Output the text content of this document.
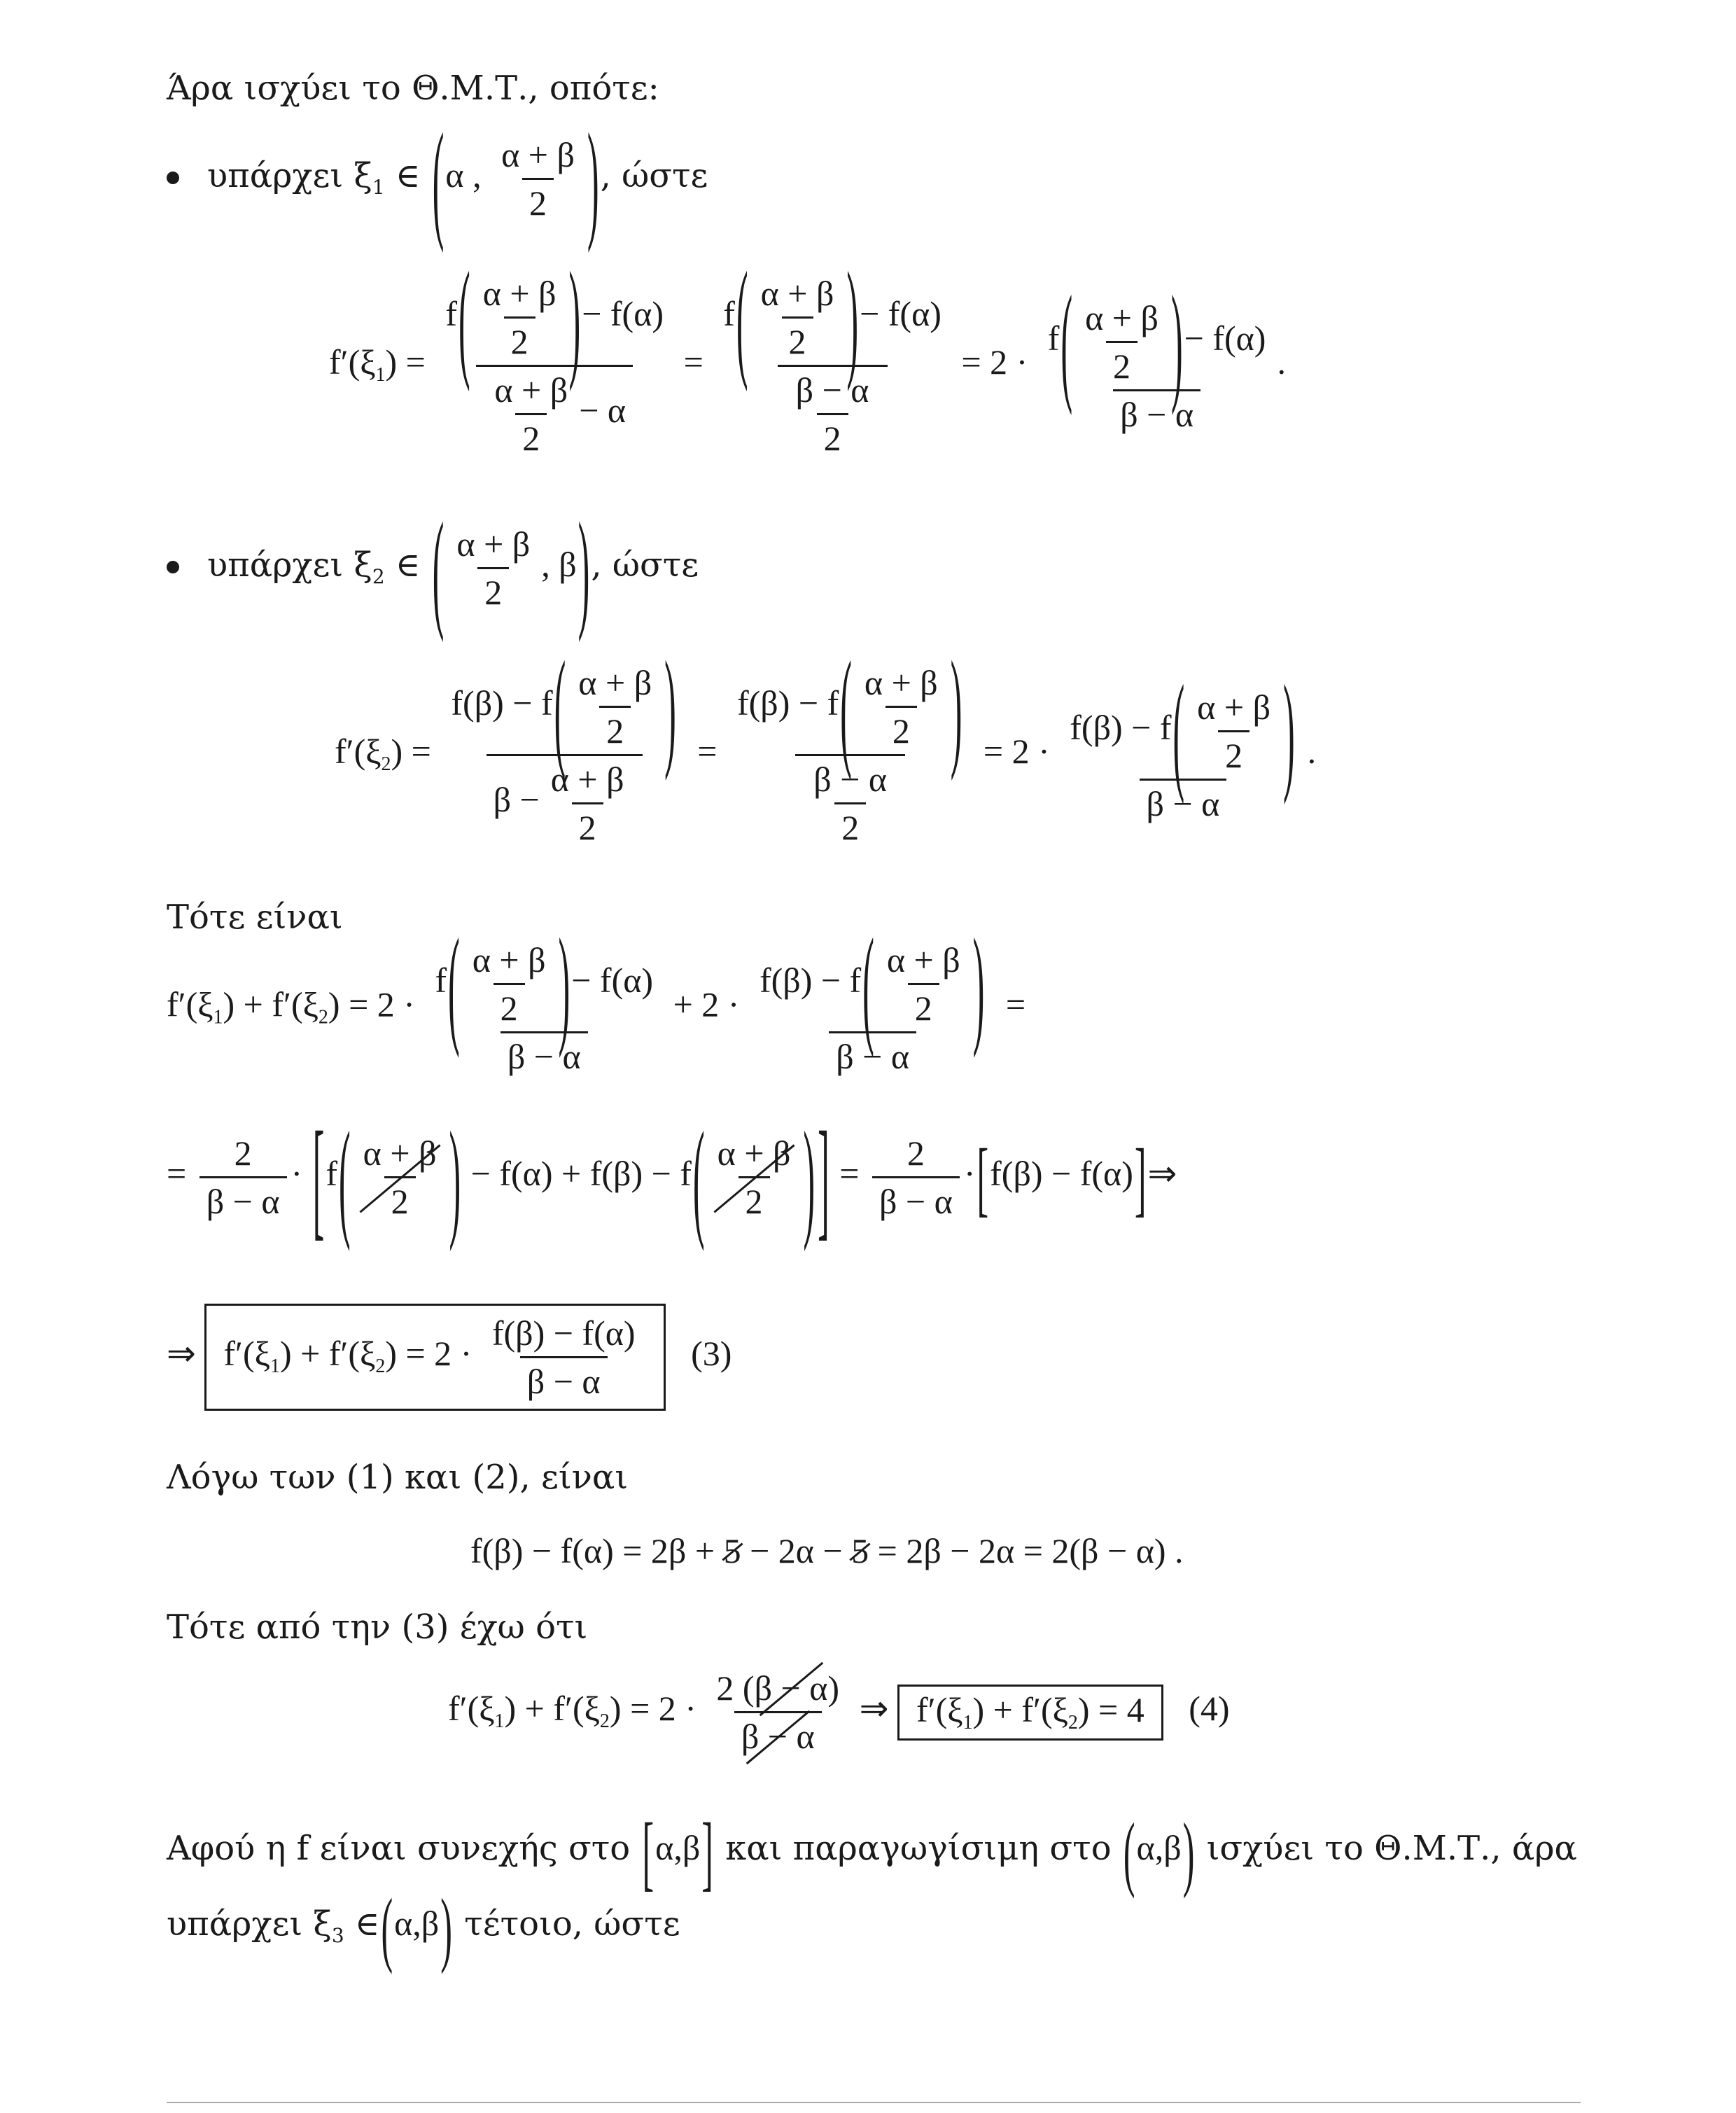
Άρα ισχύει το Θ.Μ.Τ., οπότε:
υπάρχει $\xi_1$ ∈ (α , $\frac{\alpha + \beta}{2}$ ), ώστε
$f'(\xi_1) = \frac{f( \frac{\alpha + \beta}{2} )- f(\alpha)}{\frac{\alpha + \beta}{2} - \alpha} = \frac{f( \frac{\alpha + \beta}{2} )- f(\alpha)}{\frac{\beta - \alpha}{2}} = 2 \cdot \frac{f( \frac{\alpha + \beta}{2} )- f(\alpha)}{\beta - \alpha}$ .
υπάρχει $\xi_2$ ∈ ( $\frac{\alpha + \beta}{2}$ , β), ώστε
$f'(\xi_2) = \frac{f(\beta) - f( \frac{\alpha + \beta}{2} )}{\beta - \frac{\alpha + \beta}{2}} = \frac{f(\beta) - f( \frac{\alpha + \beta}{2} )}{\frac{\beta - \alpha}{2}} = 2 \cdot \frac{f(\beta) - f( \frac{\alpha + \beta}{2} )}{\beta - \alpha}$ .
Τότε είναι
$f'(\xi_1) + f'(\xi_2) = 2 \cdot \frac{f( \frac{\alpha + \beta}{2} )- f(\alpha)}{\beta - \alpha} + 2 \cdot \frac{f(\beta) - f( \frac{\alpha + \beta}{2} )}{\beta - \alpha}$ =
= $\frac{2}{\beta - \alpha} \cdot [f( \frac{\alpha + \beta}{2}$ ) − $f(\alpha) + f(\beta) - f( \frac{\alpha + \beta}{2}$ )] = $\frac{2}{\beta - \alpha} \cdot[f(\beta)$ − f(α)]⇒
⇒ $f'(\xi_1) + f'(\xi_2) = 2 \cdot \frac{f(\beta) - f(\alpha)}{\beta - \alpha} (3)$
Λόγω των (1) και (2), είναι
f(β) − f(α) = 2β + 5 − 2α − 5 = 2β − 2α = 2(β − α) .
Τότε από την (3) έχω ότι
$f'(\xi_1) + f'(\xi_2) = 2 \cdot \frac{2 (\beta - \alpha)}{\beta - \alpha}$ ⇒ $f'(\xi_1) + f'(\xi_2) = 4$ (4)
Αφού η f είναι συνεχής στο [α,β] και παραγωγίσιμη στο (α,β) ισχύει το Θ.Μ.Τ., άρα
υπάρχει $\xi_3$ ∈(α,β) τέτοιο, ώστε
